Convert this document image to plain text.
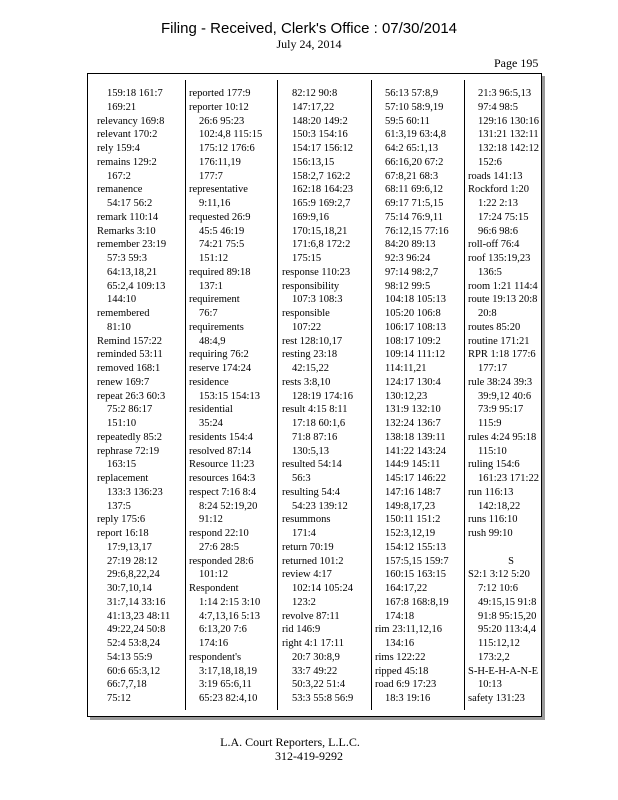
Filing - Received, Clerk's Office : 07/30/2014
July 24, 2014
Page 195
159:18 161:7
169:21
relevancy 169:8
relevant 170:2
rely 159:4
remains 129:2
167:2
remanence
54:17 56:2
remark 110:14
Remarks 3:10
remember 23:19
57:3 59:3
64:13,18,21
65:2,4 109:13
144:10
remembered
81:10
Remind 157:22
reminded 53:11
removed 168:1
renew 169:7
repeat 26:3 60:3
75:2 86:17
151:10
repeatedly 85:2
rephrase 72:19
163:15
replacement
133:3 136:23
137:5
reply 175:6
report 16:18
17:9,13,17
27:19 28:12
29:6,8,22,24
30:7,10,14
31:7,14 33:16
41:13,23 48:11
49:22,24 50:8
52:4 53:8,24
54:13 55:9
60:6 65:3,12
66:7,7,18
75:12
reported 177:9
reporter 10:12
26:6 95:23
102:4,8 115:15
175:12 176:6
176:11,19
177:7
representative
9:11,16
requested 26:9
45:5 46:19
74:21 75:5
151:12
required 89:18
137:1
requirement
76:7
requirements
48:4,9
requiring 76:2
reserve 174:24
residence
153:15 154:13
residential
35:24
residents 154:4
resolved 87:14
Resource 11:23
resources 164:3
respect 7:16 8:4
8:24 52:19,20
91:12
respond 22:10
27:6 28:5
responded 28:6
101:12
Respondent
1:14 2:15 3:10
4:7,13,16 5:13
6:13,20 7:6
174:16
respondent's
3:17,18,18,19
3:19 65:6,11
65:23 82:4,10
82:12 90:8
147:17,22
148:20 149:2
150:3 154:16
154:17 156:12
156:13,15
158:2,7 162:2
162:18 164:23
165:9 169:2,7
169:9,16
170:15,18,21
171:6,8 172:2
175:15
response 110:23
responsibility
107:3 108:3
responsible
107:22
rest 128:10,17
resting 23:18
42:15,22
rests 3:8,10
128:19 174:16
result 4:15 8:11
17:18 60:1,6
71:8 87:16
130:5,13
resulted 54:14
56:3
resulting 54:4
54:23 139:12
resummons
171:4
return 70:19
returned 101:2
review 4:17
102:14 105:24
123:2
revolve 87:11
rid 146:9
right 4:1 17:11
20:7 30:8,9
33:7 49:22
50:3,22 51:4
53:3 55:8 56:9
56:13 57:8,9
57:10 58:9,19
59:5 60:11
61:3,19 63:4,8
64:2 65:1,13
66:16,20 67:2
67:8,21 68:3
68:11 69:6,12
69:17 71:5,15
75:14 76:9,11
76:12,15 77:16
84:20 89:13
92:3 96:24
97:14 98:2,7
98:12 99:5
104:18 105:13
105:20 106:8
106:17 108:13
108:17 109:2
109:14 111:12
114:11,21
124:17 130:4
130:12,23
131:9 132:10
132:24 136:7
138:18 139:11
141:22 143:24
144:9 145:11
145:17 146:22
147:16 148:7
149:8,17,23
150:11 151:2
152:3,12,19
154:12 155:13
157:5,15 159:7
160:15 163:15
164:17,22
167:8 168:8,19
174:18
rim 23:11,12,16
134:16
rims 122:22
ripped 45:18
road 6:9 17:23
18:3 19:16
21:3 96:5,13
97:4 98:5
129:16 130:16
131:21 132:11
132:18 142:12
152:6
roads 141:13
Rockford 1:20
1:22 2:13
17:24 75:15
96:6 98:6
roll-off 76:4
roof 135:19,23
136:5
room 1:21 114:4
route 19:13 20:8
20:8
routes 85:20
routine 171:21
RPR 1:18 177:6
177:17
rule 38:24 39:3
39:9,12 40:6
73:9 95:17
115:9
rules 4:24 95:18
115:10
ruling 154:6
161:23 171:22
run 116:13
142:18,22
runs 116:10
rush 99:10

S
S2:1 3:12 5:20
7:12 10:6
49:15,15 91:8
91:8 95:15,20
95:20 113:4,4
115:12,12
173:2,2
S-H-E-H-A-N-E
10:13
safety 131:23
L.A. Court Reporters, L.L.C.
312-419-9292
